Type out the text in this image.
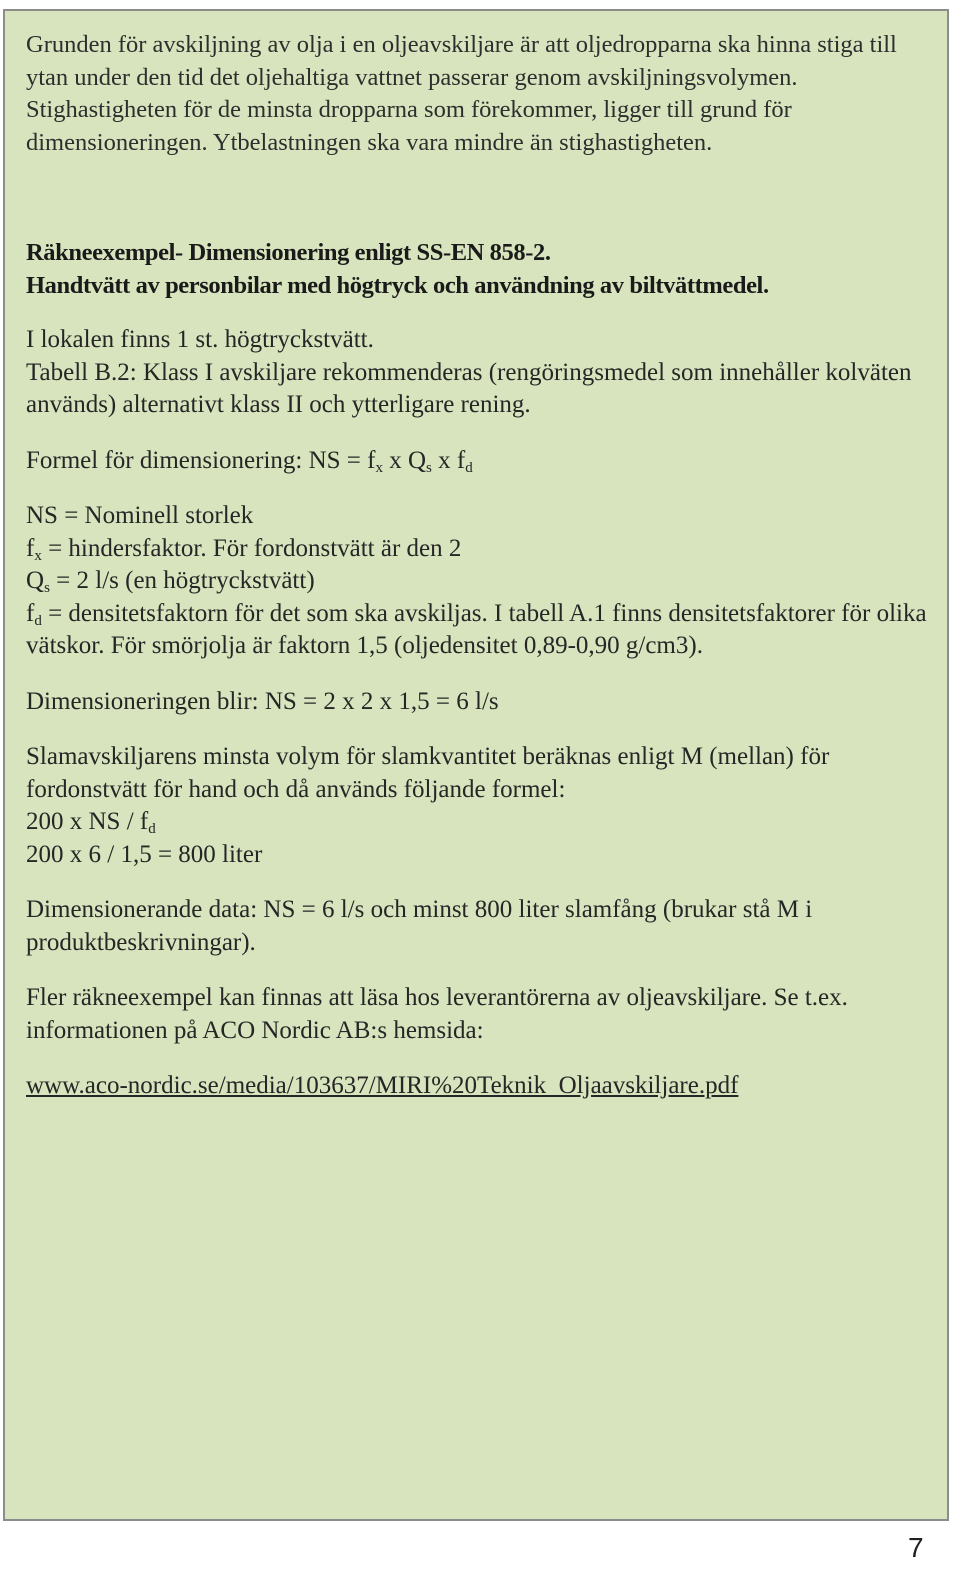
Grunden för avskiljning av olja i en oljeavskiljare är att oljedropparna ska hinna stiga till ytan under den tid det oljehaltiga vattnet passerar genom avskiljningsvolymen. Stighastigheten för de minsta dropparna som förekommer, ligger till grund för dimensioneringen. Ytbelastningen ska vara mindre än stighastigheten.

Räkneexempel- Dimensionering enligt SS-EN 858-2.

Handtvätt av personbilar med högtryck och användning av biltvättmedel.

I lokalen finns 1 st. högtryckstvätt.

Tabell B.2: Klass I avskiljare rekommenderas (rengöringsmedel som innehåller kolväten används) alternativt klass II och ytterligare rening.

Formel för dimensionering: NS = $f_x$ x $Q_s$ x $f_d$

NS = Nominell storlek

$f_x$ = hindersfaktor. För fordonstvätt är den 2

$Q_s = 2$ l/s (en högtryckstvätt)

$f_d$ = densitetsfaktorn för det som ska avskiljas. I tabell A.1 finns densitetsfaktorer för olika vätskor. För smörjolja är faktorn 1,5 (oljedensitet 0,89-0,90 g/cm3).

Dimensioneringen blir: NS = 2 x 2 x 1,5 = 6 l/s

Slamavskiljarens minsta volym för slamkvantitet beräknas enligt M (mellan) för fordonstvätt för hand och då används följande formel:

200 x NS / $f_d$

200 x 6 / 1,5 = 800 liter

Dimensionerande data: NS = 6 l/s och minst 800 liter slamfång (brukar stå M i produktbeskrivningar).

Fler räkneexempel kan finnas att läsa hos leverantörerna av oljeavskiljare. Se t.ex. informationen på ACO Nordic AB:s hemsida:

www.aco-nordic.se/media/103637/MIRI%20Teknik_Oljaavskiljare.pdf

7
